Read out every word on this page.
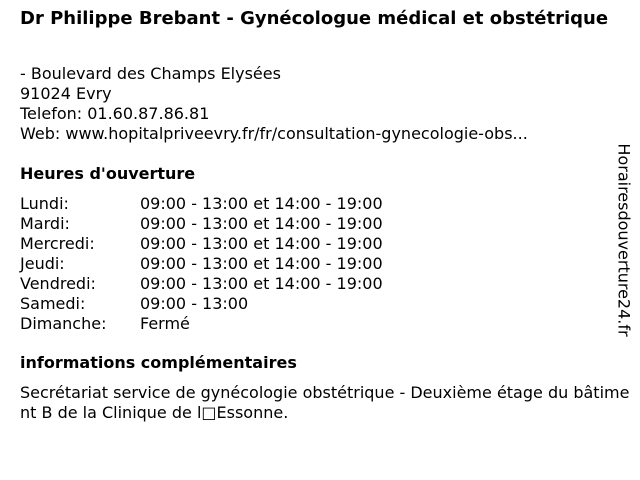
Dr Philippe Brebant - Gynécologue médical et obstétrique
- Boulevard des Champs Elysées
91024 Evry
Telefon: 01.60.87.86.81
Web: www.hopitalpriveevry.fr/fr/consultation-gynecologie-obs...
Heures d'ouverture
Lundi:	09:00 - 13:00 et 14:00 - 19:00
Mardi:	09:00 - 13:00 et 14:00 - 19:00
Mercredi:	09:00 - 13:00 et 14:00 - 19:00
Jeudi:	09:00 - 13:00 et 14:00 - 19:00
Vendredi:	09:00 - 13:00 et 14:00 - 19:00
Samedi:	09:00 - 13:00
Dimanche: Fermé
informations complémentaires
Secrétariat service de gynécologie obstétrique - Deuxième étage du bâtiment B de la Clinique de l□Essonne.
Horairesdouverture24.fr
